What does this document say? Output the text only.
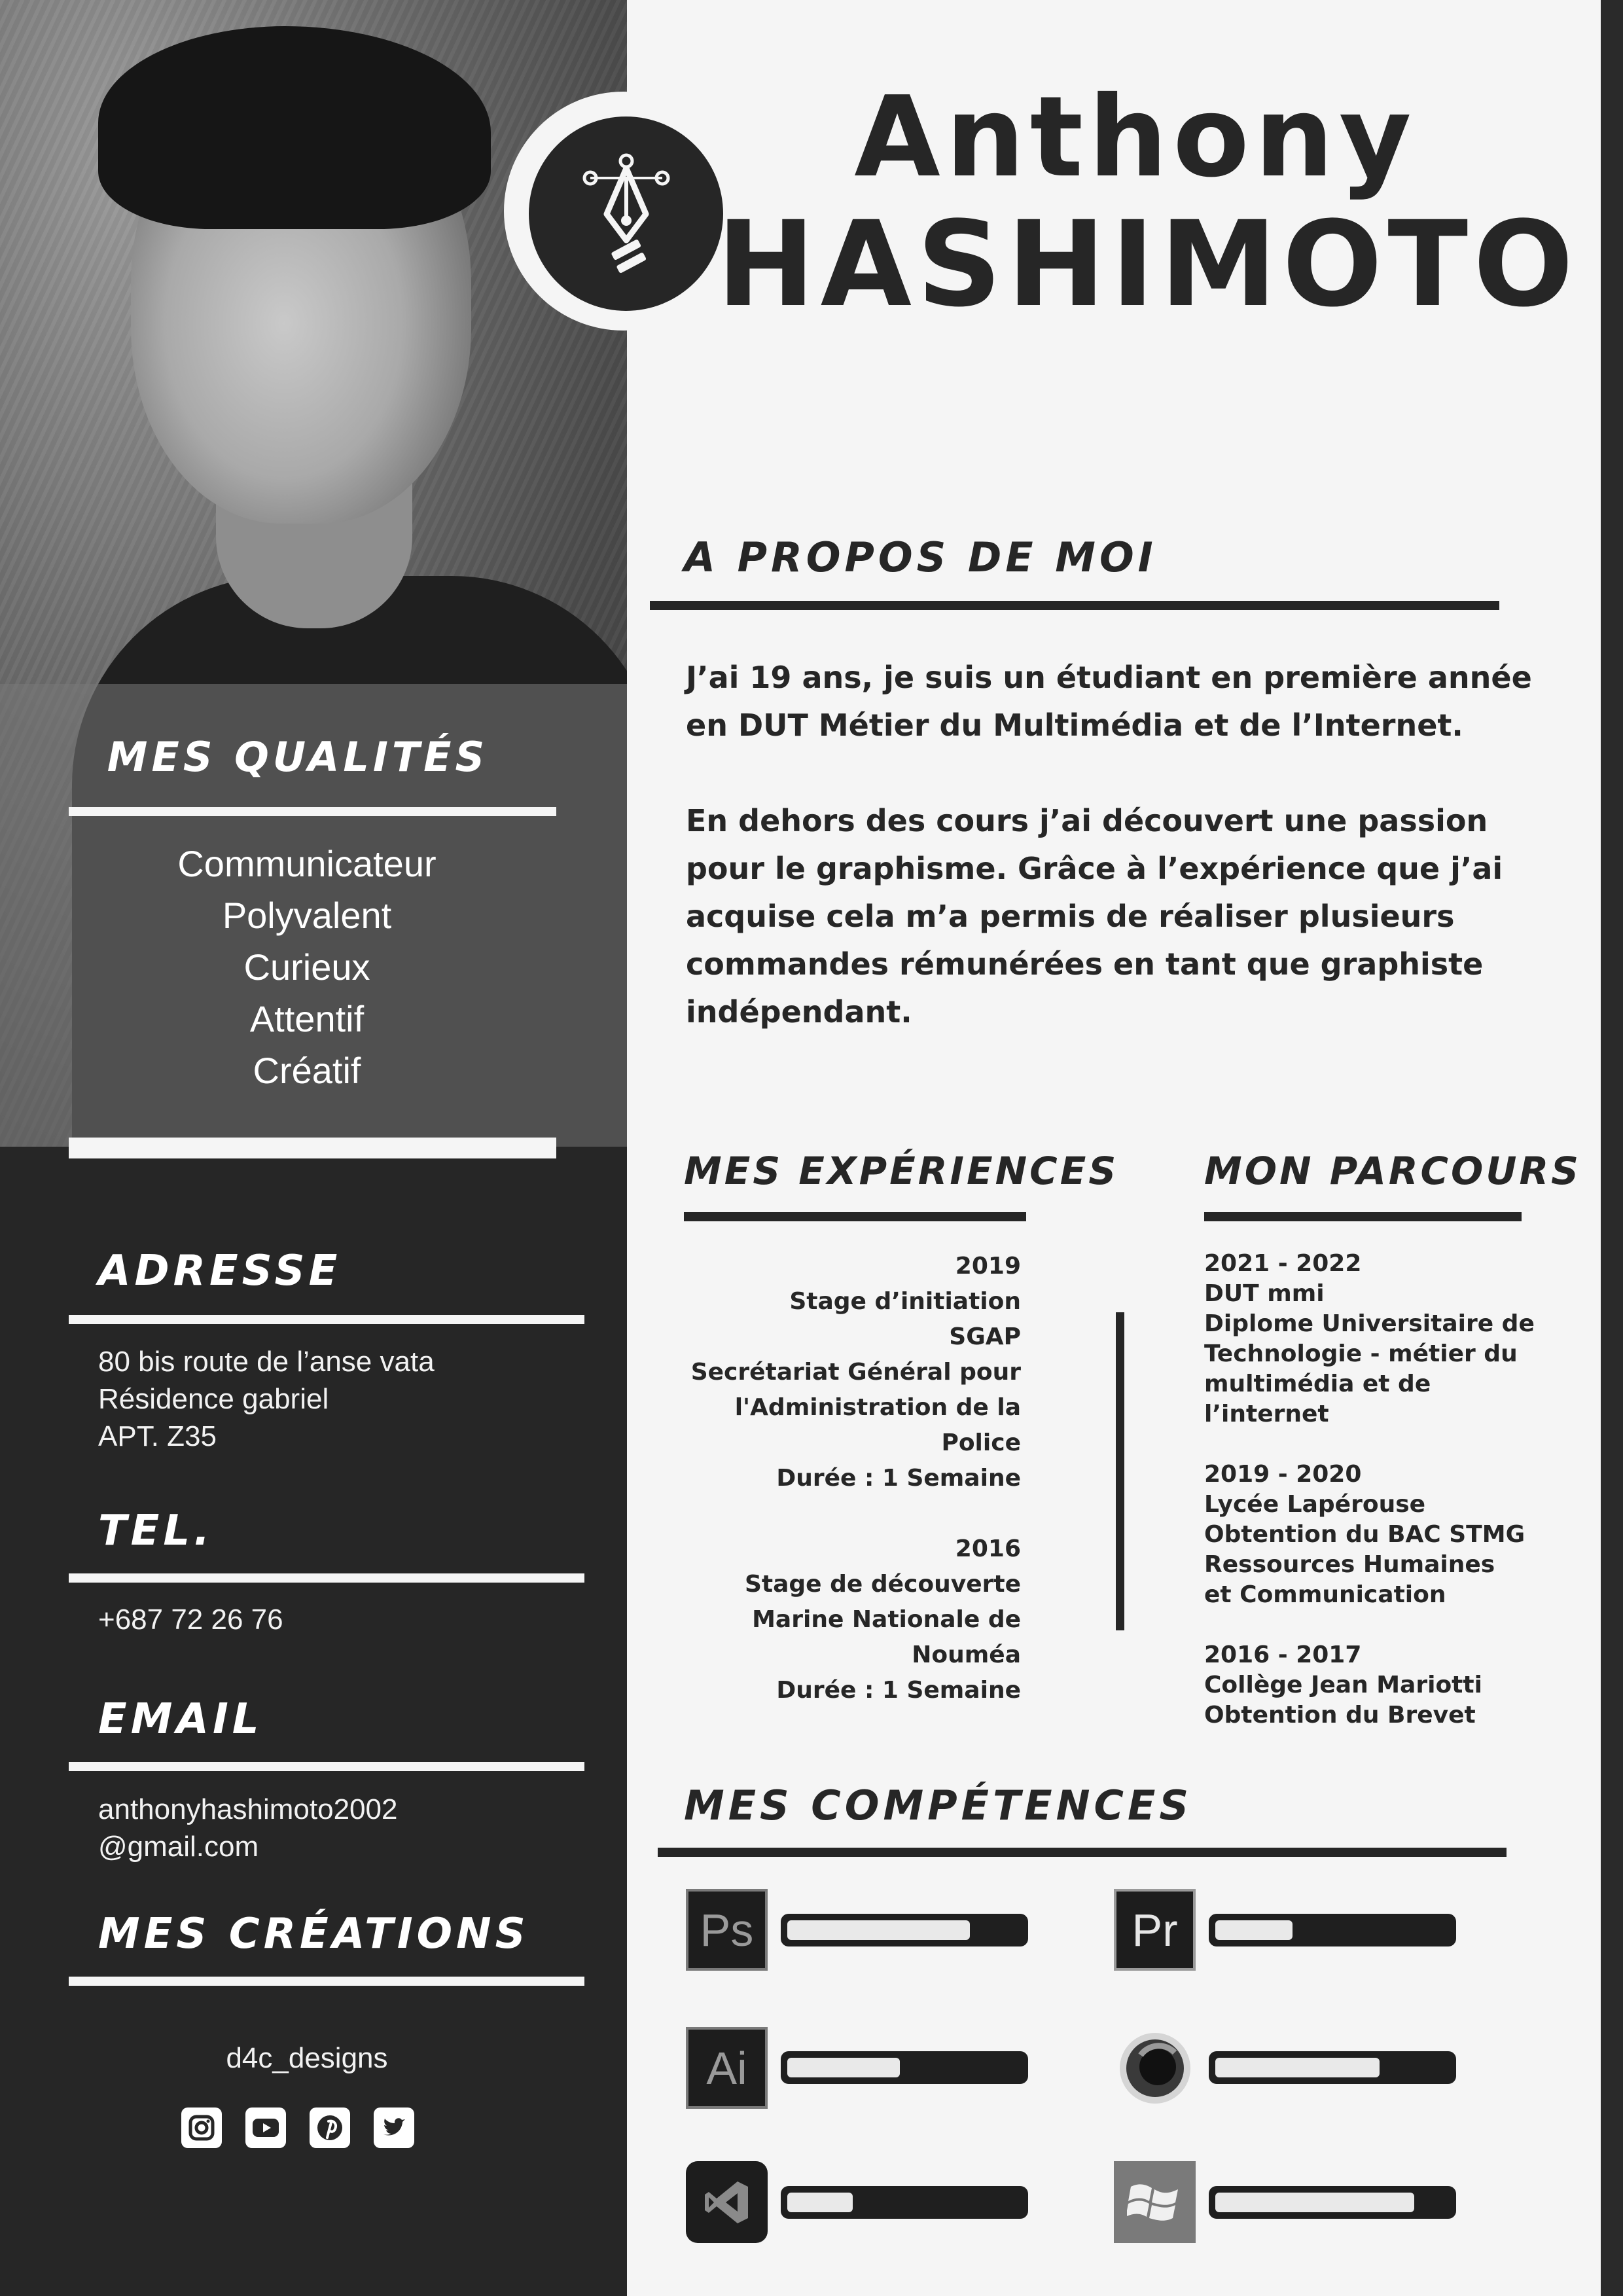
MES QUALITÉS
Communicateur
Polyvalent
Curieux
Attentif
Créatif
ADRESSE
80 bis route de l’anse vata
Résidence gabriel
APT. Z35
TEL.
+687 72 26 76
EMAIL
anthonyhashimoto2002
@gmail.com
MES CRÉATIONS
d4c_designs
Anthony
HASHIMOTO
A PROPOS DE MOI
J’ai 19 ans, je suis un étudiant en première année
en DUT Métier du Multimédia et de l’Internet.
En dehors des cours j’ai découvert une passion
pour le graphisme. Grâce à l’expérience que j’ai
acquise cela m’a permis de réaliser plusieurs
commandes rémunérées en tant que graphiste
indépendant.
MES EXPÉRIENCES
2019
Stage d’initiation
SGAP
Secrétariat Général pour
l'Administration de la
Police
Durée : 1 Semaine
2016
Stage de découverte
Marine Nationale de
Nouméa
Durée : 1 Semaine
MON PARCOURS
2021 - 2022
DUT mmi
Diplome Universitaire de
Technologie - métier du
multimédia et de l’internet
2019 - 2020
Lycée Lapérouse
Obtention du BAC STMG
Ressources Humaines
et Communication
2016 - 2017
Collège Jean Mariotti
Obtention du Brevet
MES COMPÉTENCES
Ps	Pr
Ai
